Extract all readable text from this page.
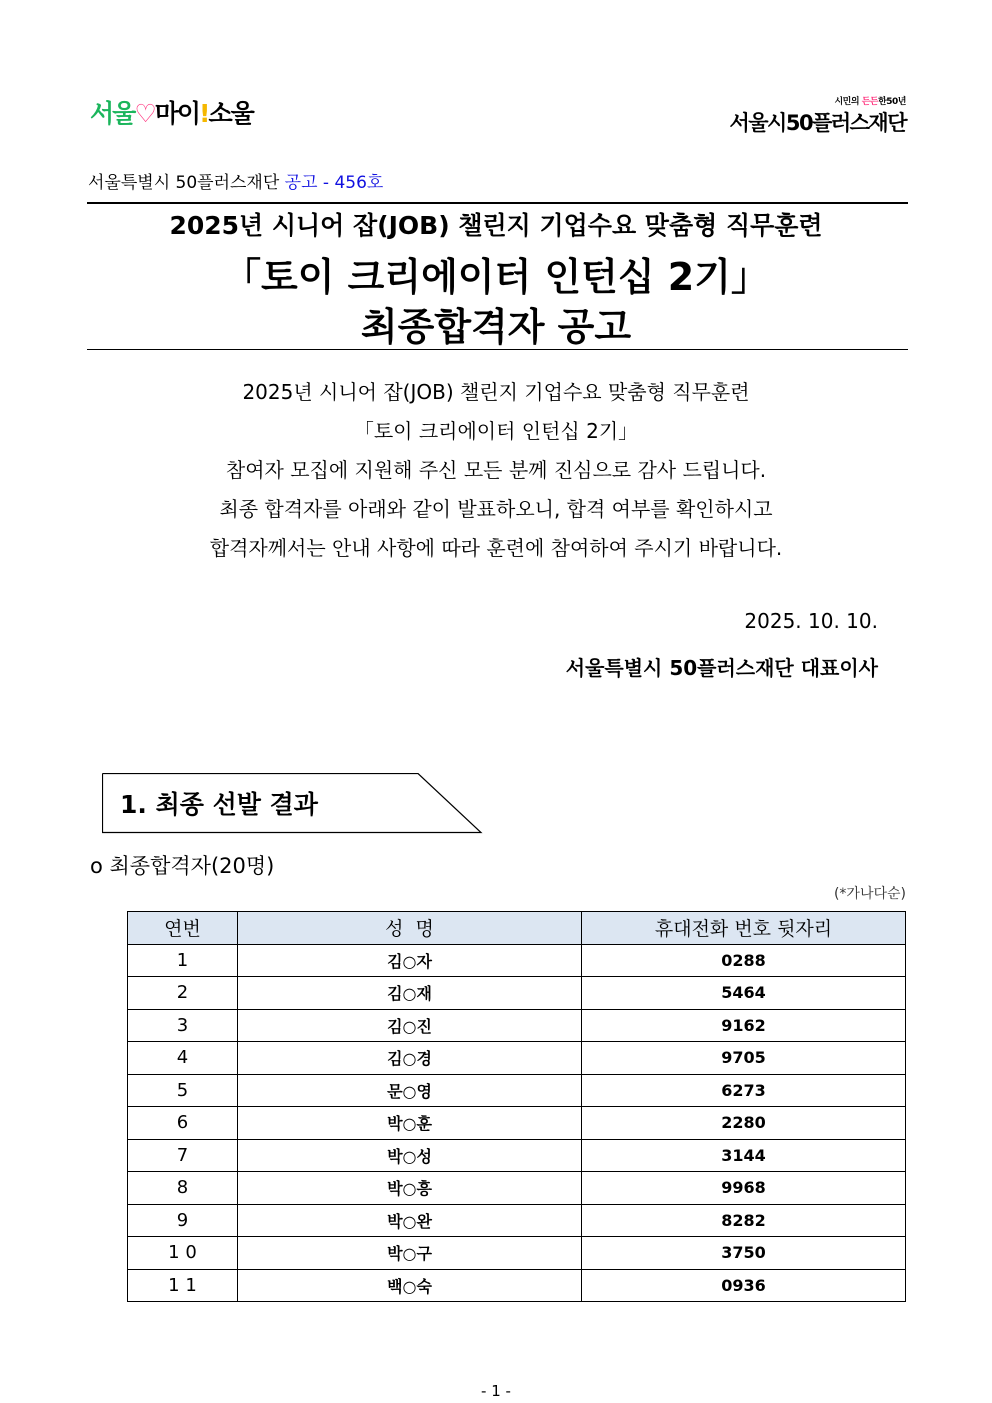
서울♡마이!소울	시민의 든든한50년
서울시50플러스재단
서울특별시 50플러스재단 공고 - 456호
2025년 시니어 잡(JOB) 챌린지 기업수요 맞춤형 직무훈련
「토이 크리에이터 인턴십 2기」
최종합격자 공고
2025년 시니어 잡(JOB) 챌린지 기업수요 맞춤형 직무훈련
「토이 크리에이터 인턴십 2기」
참여자 모집에 지원해 주신 모든 분께 진심으로 감사 드립니다.
최종 합격자를 아래와 같이 발표하오니, 합격 여부를 확인하시고
합격자께서는 안내 사항에 따라 훈련에 참여하여 주시기 바랍니다.
2025. 10. 10.
서울특별시 50플러스재단 대표이사
1. 최종 선발 결과
o 최종합격자(20명)
(*가나다순)
연번	성  명	휴대전화 번호 뒷자리
1	김○자	0288
2	김○재	5464
3	김○진	9162
4	김○경	9705
5	문○영	6273
6	박○훈	2280
7	박○성	3144
8	박○흥	9968
9	박○완	8282
1 0	박○구	3750
1 1	백○숙	0936
- 1 -
